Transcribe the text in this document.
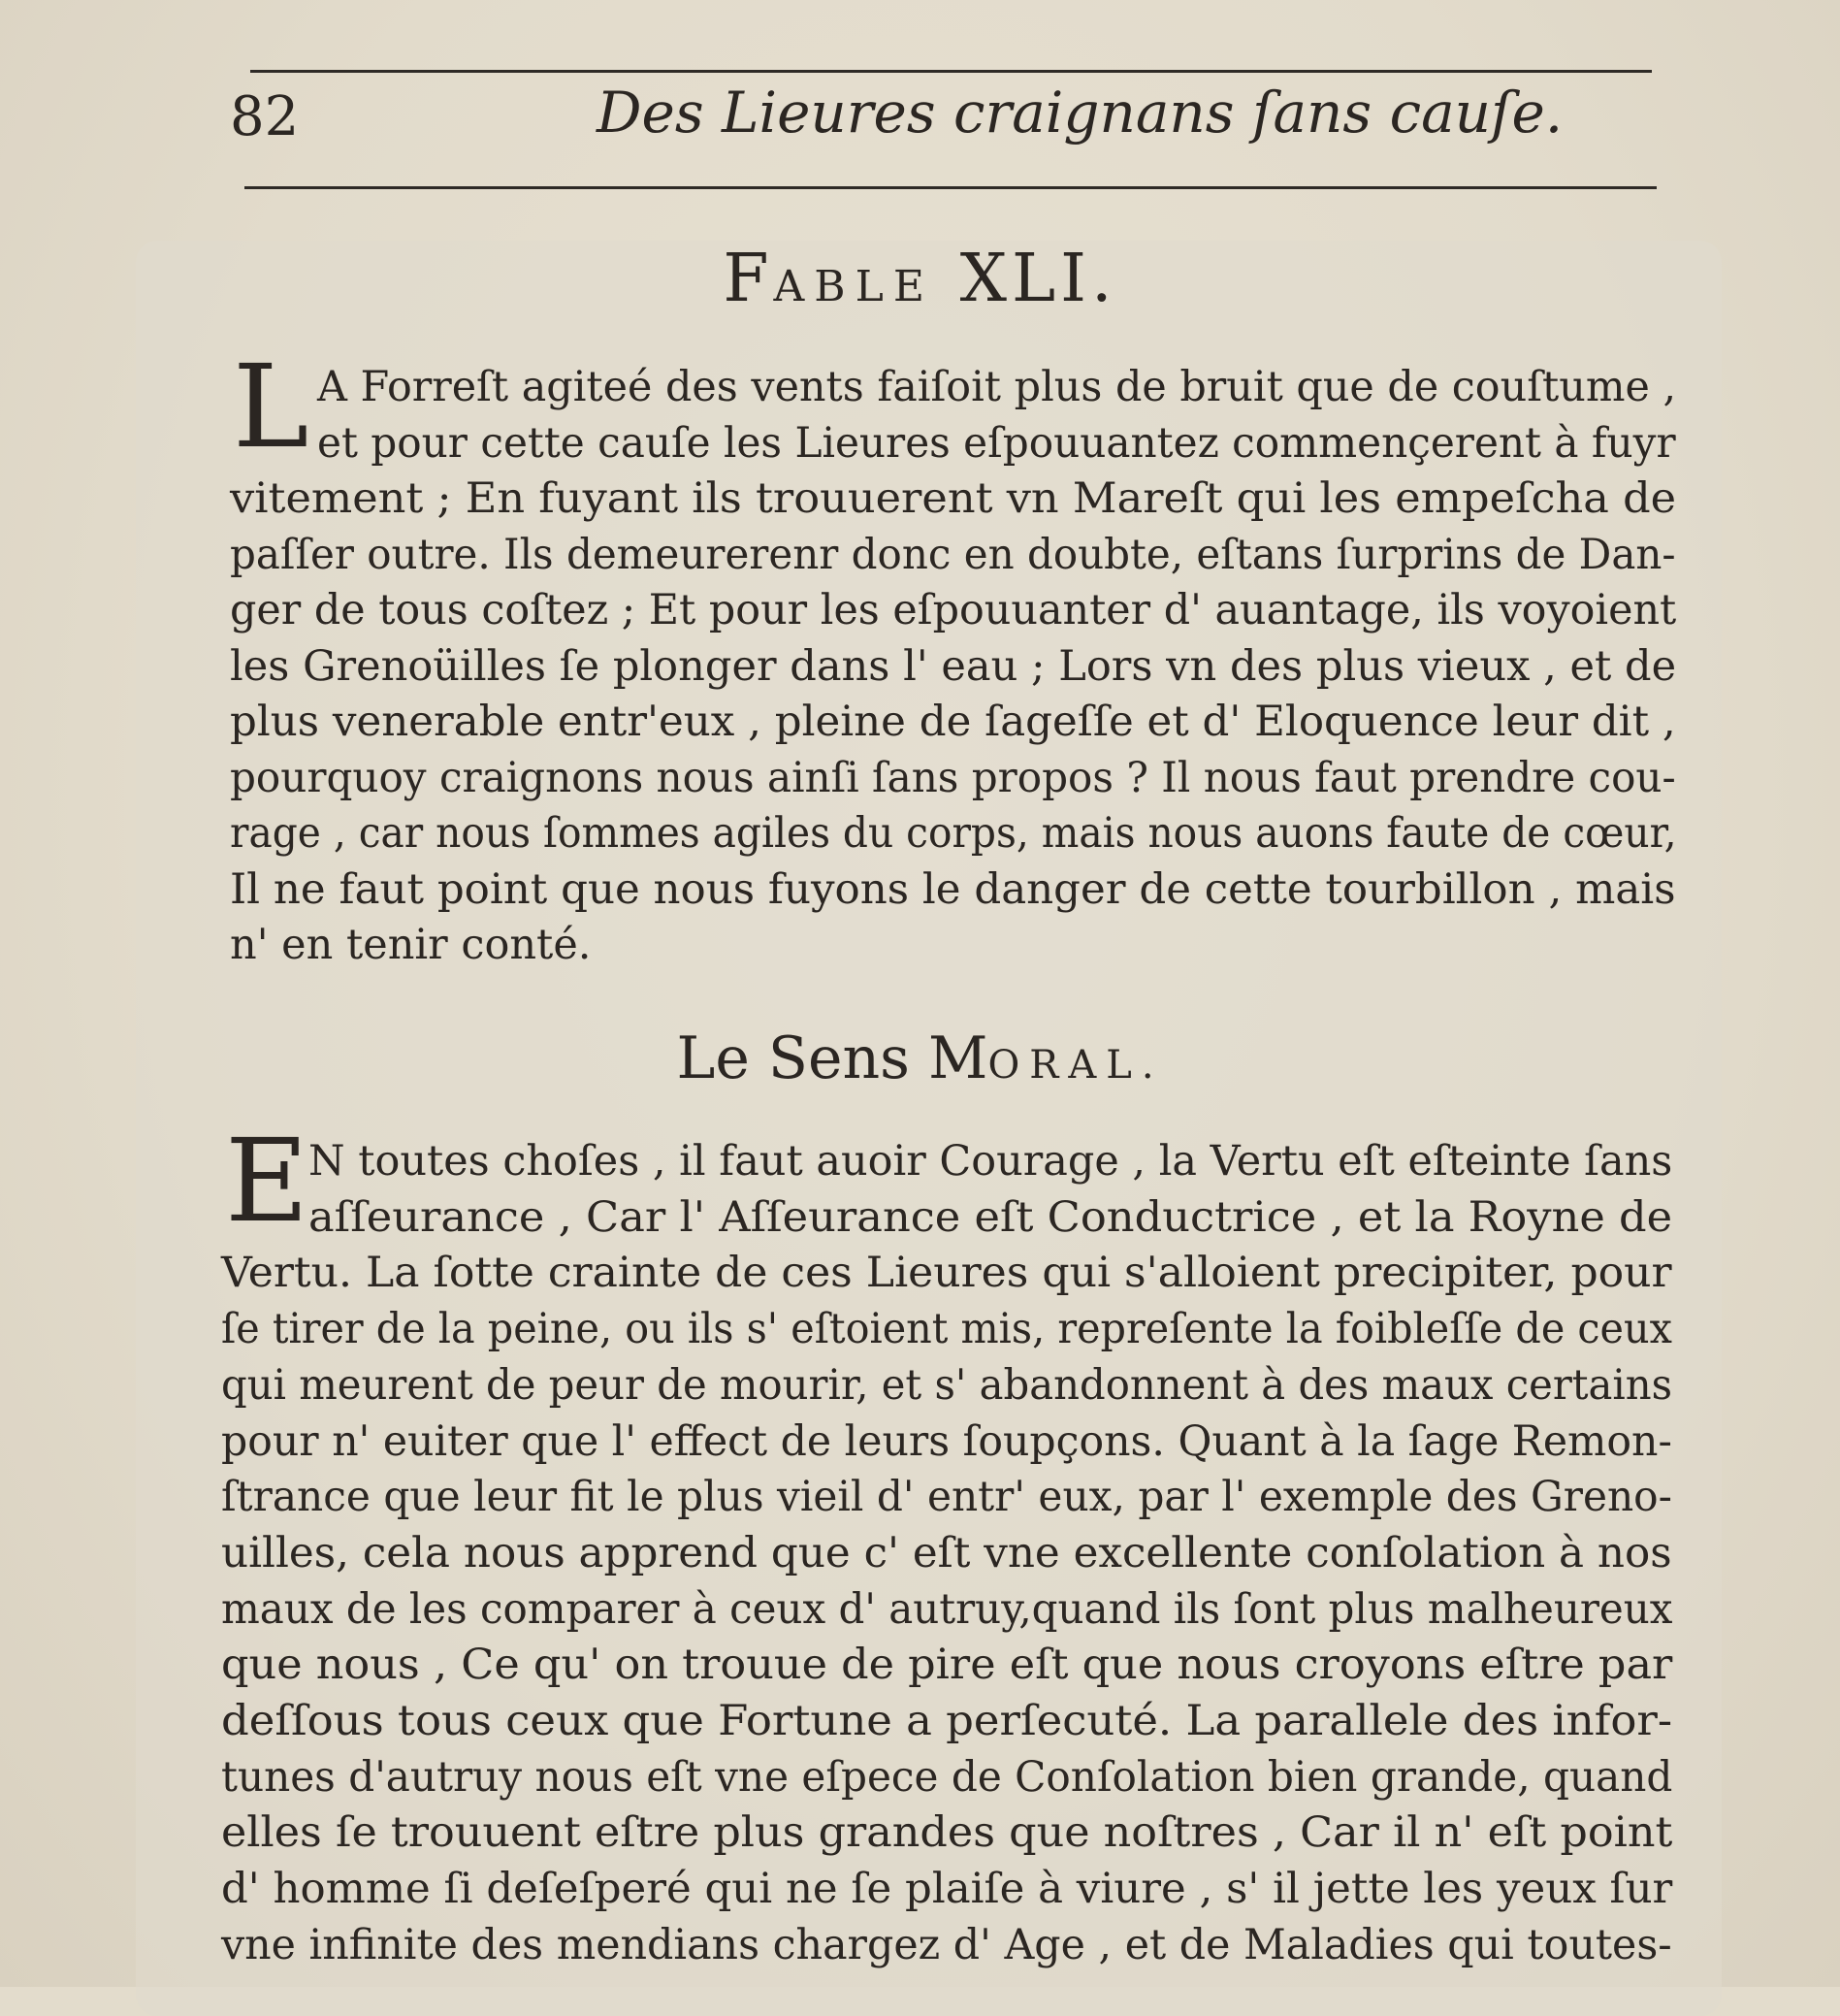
82	Des Lieures craignans ſans cauſe.
FABLE XLI.
L A Forreſt agiteé des vents faiſoit plus de bruit que de couſtume ,
et pour cette cauſe les Lieures eſpouuantez commençerent à fuyr
vitement ; En fuyant ils trouuerent vn Mareſt qui les empeſcha de
paſſer outre. Ils demeurerenr donc en doubte, eſtans ſurprins de Dan-
ger de tous coſtez ; Et pour les eſpouuanter d' auantage, ils voyoient
les Grenoüilles ſe plonger dans l' eau ; Lors vn des plus vieux , et de
plus venerable entr'eux , pleine de ſageſſe et d' Eloquence leur dit ,
pourquoy craignons nous ainſi ſans propos ? Il nous faut prendre cou-
rage , car nous ſommes agiles du corps, mais nous auons faute de cœur,
Il ne faut point que nous fuyons le danger de cette tourbillon , mais
n' en tenir conté.
Le Sens MORAL.
E N toutes choſes , il faut auoir Courage , la Vertu eſt eſteinte ſans
aſſeurance , Car l' Aſſeurance eſt Conductrice , et la Royne de
Vertu. La ſotte crainte de ces Lieures qui s'alloient precipiter, pour
ſe tirer de la peine, ou ils s' eſtoient mis, repreſente la foibleſſe de ceux
qui meurent de peur de mourir, et s' abandonnent à des maux certains
pour n' euiter que l' effect de leurs ſoupçons. Quant à la ſage Remon-
ſtrance que leur fit le plus vieil d' entr' eux, par l' exemple des Greno-
uilles, cela nous apprend que c' eſt vne excellente conſolation à nos
maux de les comparer à ceux d' autruy,quand ils ſont plus malheureux
que nous , Ce qu' on trouue de pire eſt que nous croyons eſtre par
deſſous tous ceux que Fortune a perſecuté. La parallele des infor-
tunes d'autruy nous eſt vne eſpece de Conſolation bien grande, quand
elles ſe trouuent eſtre plus grandes que noſtres , Car il n' eſt point
d' homme ſi deſeſperé qui ne ſe plaiſe à viure , s' il jette les yeux ſur
vne infinite des mendians chargez d' Age , et de Maladies qui toutes-
